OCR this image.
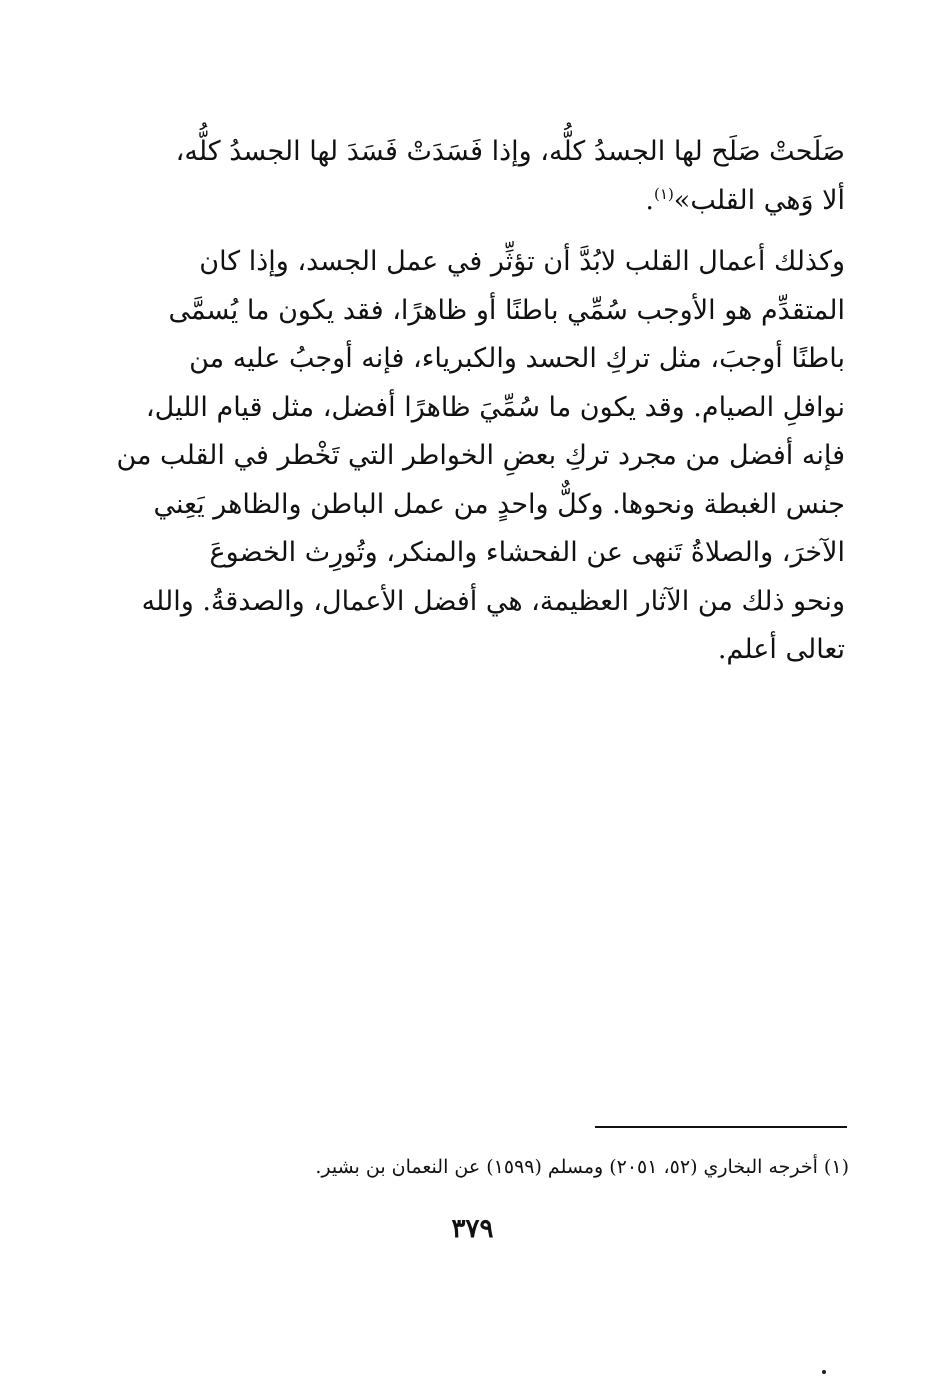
صَلَحتْ صَلَح لها الجسدُ كلُّه، وإذا فَسَدَتْ فَسَدَ لها الجسدُ كلُّه،
ألا وَهي القلب»$^{(١)}$.
وكذلك أعمال القلب لابُدَّ أن تؤثِّر في عمل الجسد، وإذا كان
المتقدِّم هو الأوجب سُمِّي باطنًا أو ظاهرًا، فقد يكون ما يُسمَّى
باطنًا أوجبَ، مثل تركِ الحسد والكبرياء، فإنه أوجبُ عليه من
نوافلِ الصيام. وقد يكون ما سُمِّيَ ظاهرًا أفضل، مثل قيام الليل،
فإنه أفضل من مجرد تركِ بعضِ الخواطر التي تَخْطر في القلب من
جنس الغبطة ونحوها. وكلٌّ واحدٍ من عمل الباطن والظاهر يَعِني
الآخرَ، والصلاةُ تَنهى عن الفحشاء والمنكر، وتُورِث الخضوعَ
ونحو ذلك من الآثار العظيمة، هي أفضل الأعمال، والصدقةُ. والله
تعالى أعلم.
(١) أخرجه البخاري (٥٢، ٢٠٥١) ومسلم (١٥٩٩) عن النعمان بن بشير.
٣٧٩
